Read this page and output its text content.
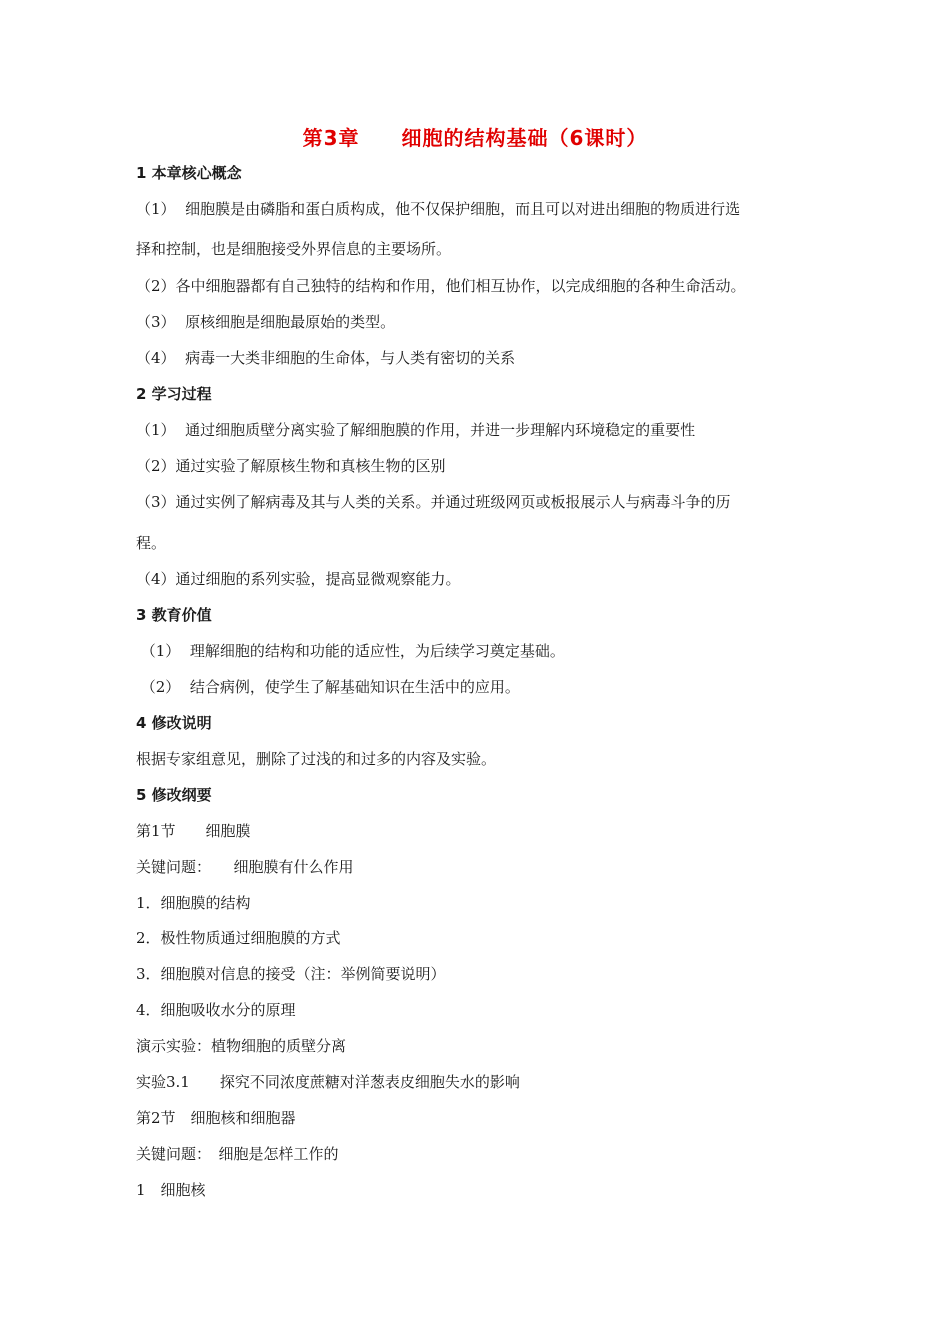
第3章　　细胞的结构基础（6课时）
1 本章核心概念
（1）  细胞膜是由磷脂和蛋白质构成，他不仅保护细胞，而且可以对进出细胞的物质进行选
择和控制，也是细胞接受外界信息的主要场所。
（2）各中细胞器都有自己独特的结构和作用，他们相互协作，以完成细胞的各种生命活动。
（3）  原核细胞是细胞最原始的类型。
（4）  病毒一大类非细胞的生命体，与人类有密切的关系
2 学习过程
（1）  通过细胞质壁分离实验了解细胞膜的作用，并进一步理解内环境稳定的重要性
（2）通过实验了解原核生物和真核生物的区别
（3）通过实例了解病毒及其与人类的关系。并通过班级网页或板报展示人与病毒斗争的历
程。
（4）通过细胞的系列实验，提高显微观察能力。
3 教育价值
（1）  理解细胞的结构和功能的适应性，为后续学习奠定基础。
（2）  结合病例，使学生了解基础知识在生活中的应用。
4 修改说明
根据专家组意见，删除了过浅的和过多的内容及实验。
5 修改纲要
第1节　　细胞膜
关键问题：　　细胞膜有什么作用
1．细胞膜的结构
2．极性物质通过细胞膜的方式
3．细胞膜对信息的接受（注：举例简要说明）
4．细胞吸收水分的原理
演示实验：植物细胞的质壁分离
实验3.1　　探究不同浓度蔗糖对洋葱表皮细胞失水的影响
第2节　细胞核和细胞器
关键问题：　细胞是怎样工作的
1　细胞核
